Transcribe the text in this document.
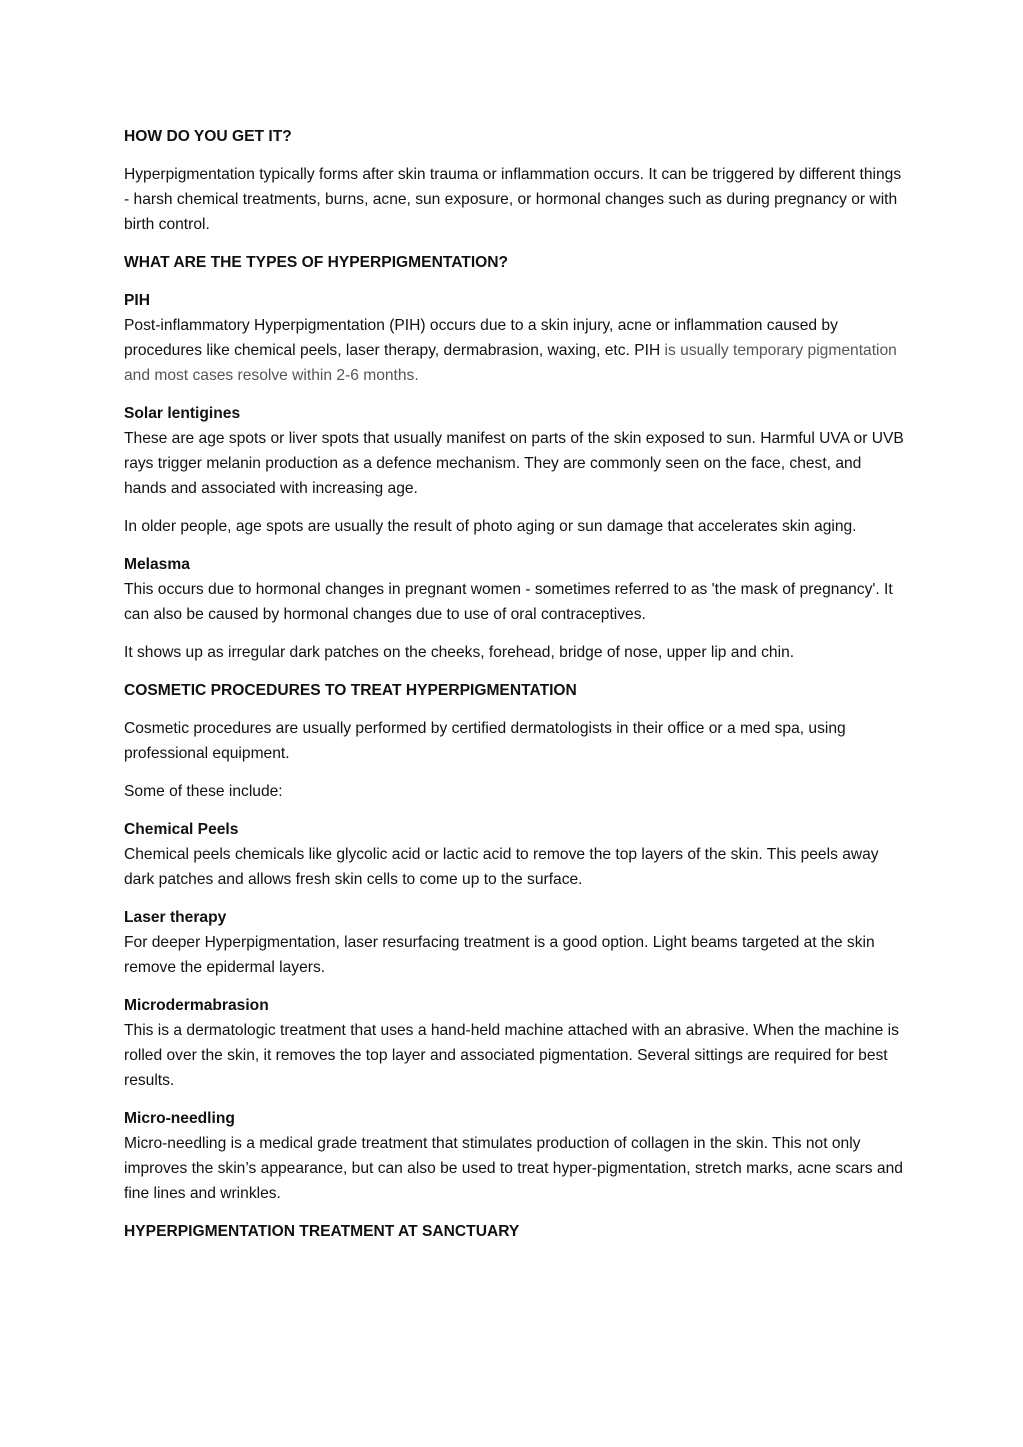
HOW DO YOU GET IT?
Hyperpigmentation typically forms after skin trauma or inflammation occurs. It can be triggered by different things - harsh chemical treatments, burns, acne, sun exposure, or hormonal changes such as during pregnancy or with birth control.
WHAT ARE THE TYPES OF HYPERPIGMENTATION?
PIH
Post-inflammatory Hyperpigmentation (PIH) occurs due to a skin injury, acne or inflammation caused by procedures like chemical peels, laser therapy, dermabrasion, waxing, etc. PIH is usually temporary pigmentation and most cases resolve within 2-6 months.
Solar lentigines
These are age spots or liver spots that usually manifest on parts of the skin exposed to sun. Harmful UVA or UVB rays trigger melanin production as a defence mechanism. They are commonly seen on the face, chest, and hands and associated with increasing age.
In older people, age spots are usually the result of photo aging or sun damage that accelerates skin aging.
Melasma
This occurs due to hormonal changes in pregnant women - sometimes referred to as 'the mask of pregnancy'. It can also be caused by hormonal changes due to use of oral contraceptives.
It shows up as irregular dark patches on the cheeks, forehead, bridge of nose, upper lip and chin.
COSMETIC PROCEDURES TO TREAT HYPERPIGMENTATION
Cosmetic procedures are usually performed by certified dermatologists in their office or a med spa, using professional equipment.
Some of these include:
Chemical Peels
Chemical peels chemicals like glycolic acid or lactic acid to remove the top layers of the skin. This peels away dark patches and allows fresh skin cells to come up to the surface.
Laser therapy
For deeper Hyperpigmentation, laser resurfacing treatment is a good option. Light beams targeted at the skin remove the epidermal layers.
Microdermabrasion
This is a dermatologic treatment that uses a hand-held machine attached with an abrasive. When the machine is rolled over the skin, it removes the top layer and associated pigmentation. Several sittings are required for best results.
Micro-needling
Micro-needling is a medical grade treatment that stimulates production of collagen in the skin. This not only improves the skin’s appearance, but can also be used to treat hyper-pigmentation, stretch marks, acne scars and fine lines and wrinkles.
HYPERPIGMENTATION TREATMENT AT SANCTUARY
